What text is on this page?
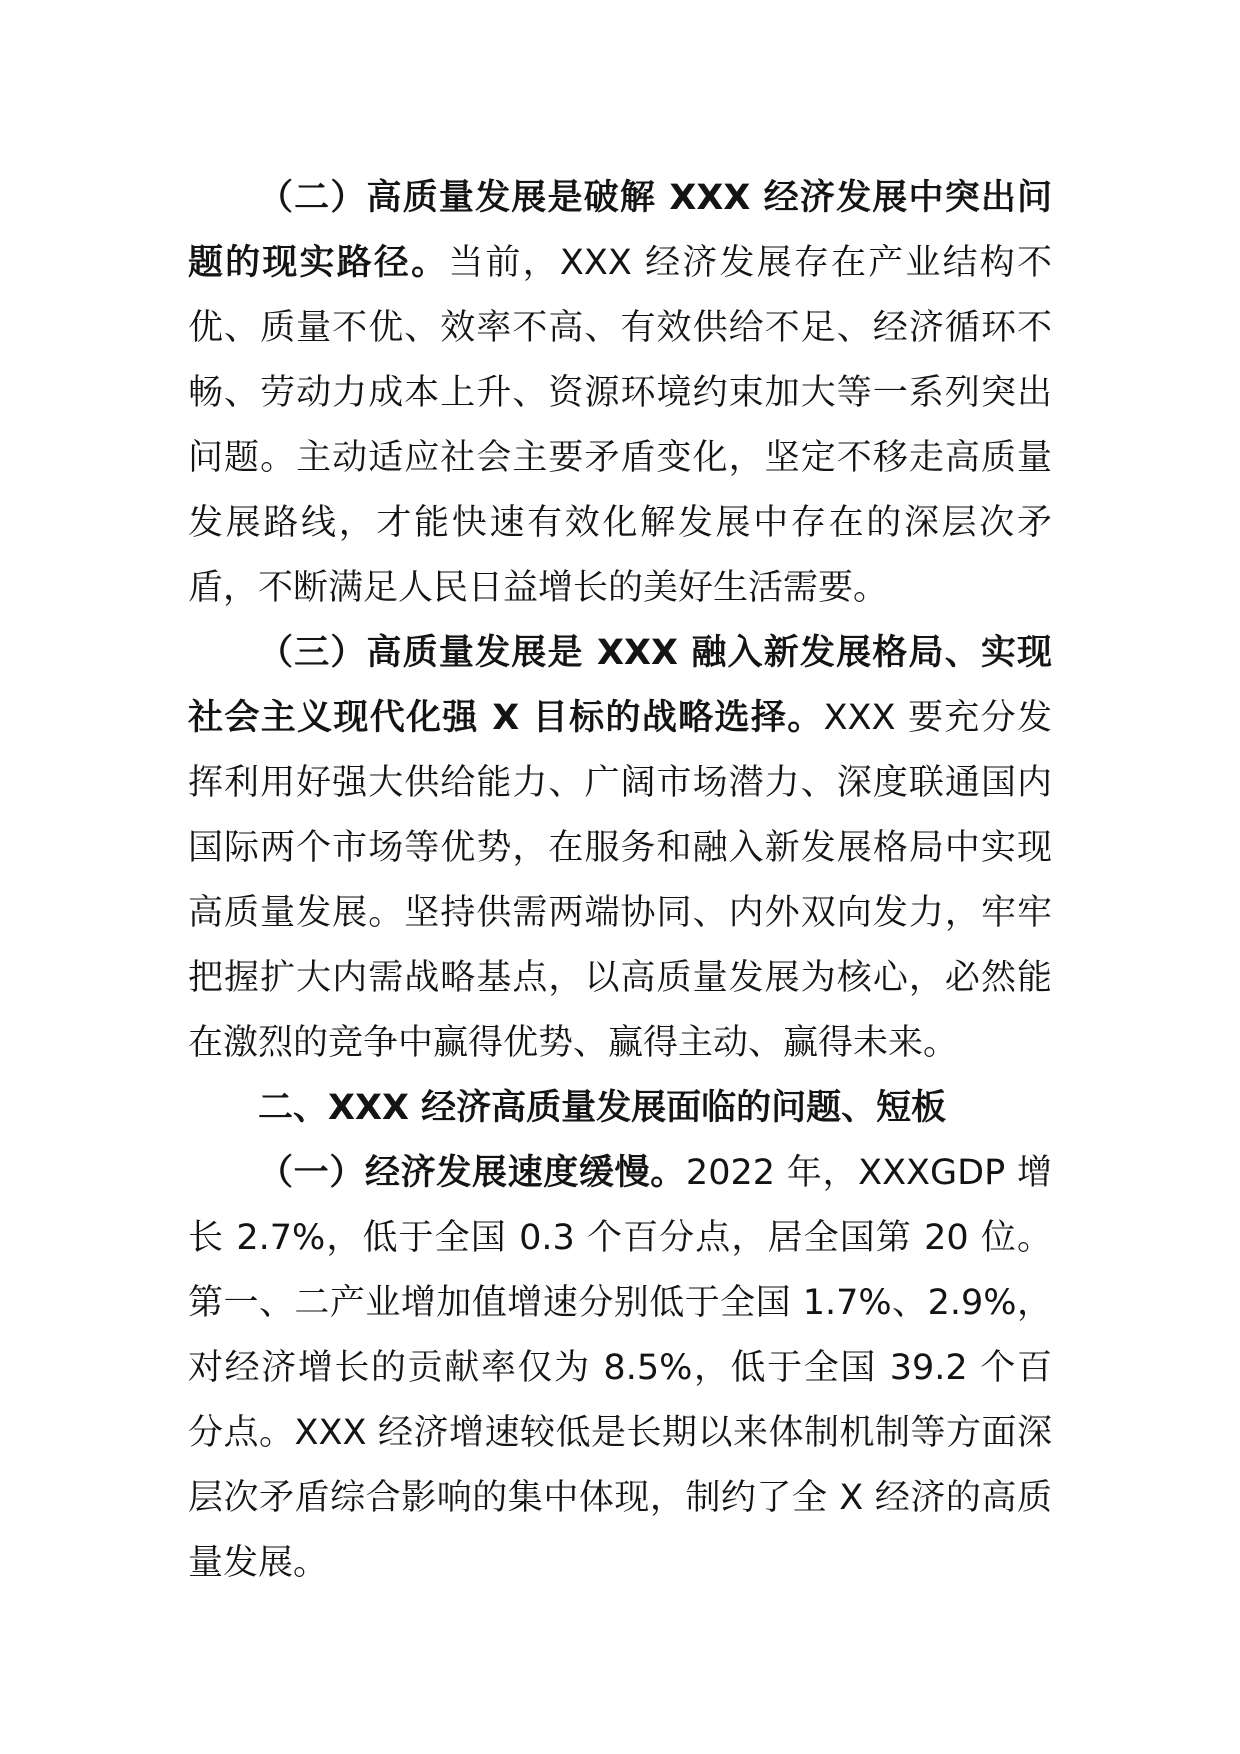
（二）高质量发展是破解 XXX 经济发展中突出问题的现实路径。当前，XXX 经济发展存在产业结构不优、质量不优、效率不高、有效供给不足、经济循环不畅、劳动力成本上升、资源环境约束加大等一系列突出问题。主动适应社会主要矛盾变化，坚定不移走高质量发展路线，才能快速有效化解发展中存在的深层次矛盾，不断满足人民日益增长的美好生活需要。

（三）高质量发展是 XXX 融入新发展格局、实现社会主义现代化强 X 目标的战略选择。XXX 要充分发挥利用好强大供给能力、广阔市场潜力、深度联通国内国际两个市场等优势，在服务和融入新发展格局中实现高质量发展。坚持供需两端协同、内外双向发力，牢牢把握扩大内需战略基点，以高质量发展为核心，必然能在激烈的竞争中赢得优势、赢得主动、赢得未来。

二、XXX 经济高质量发展面临的问题、短板

（一）经济发展速度缓慢。2022 年，XXXGDP 增长 2.7%，低于全国 0.3 个百分点，居全国第 20 位。第一、二产业增加值增速分别低于全国 1.7%、2.9%，对经济增长的贡献率仅为 8.5%，低于全国 39.2 个百分点。XXX 经济增速较低是长期以来体制机制等方面深层次矛盾综合影响的集中体现，制约了全 X 经济的高质量发展。
